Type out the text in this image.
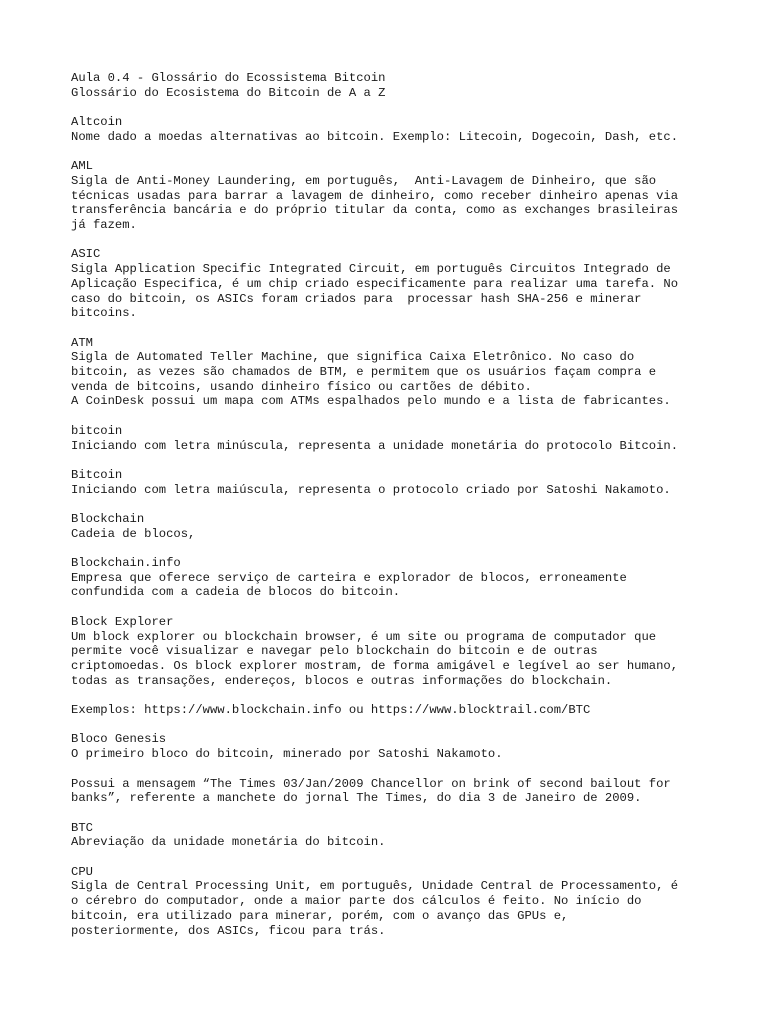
Aula 0.4 - Glossário do Ecossistema Bitcoin
Glossário do Ecosistema do Bitcoin de A a Z
Altcoin
Nome dado a moedas alternativas ao bitcoin. Exemplo: Litecoin, Dogecoin, Dash, etc.
AML
Sigla de Anti-Money Laundering, em português,  Anti-Lavagem de Dinheiro, que são
técnicas usadas para barrar a lavagem de dinheiro, como receber dinheiro apenas via
transferência bancária e do próprio titular da conta, como as exchanges brasileiras
já fazem.
ASIC
Sigla Application Specific Integrated Circuit, em português Circuitos Integrado de
Aplicação Especifica, é um chip criado especificamente para realizar uma tarefa. No
caso do bitcoin, os ASICs foram criados para  processar hash SHA-256 e minerar
bitcoins.
ATM
Sigla de Automated Teller Machine, que significa Caixa Eletrônico. No caso do
bitcoin, as vezes são chamados de BTM, e permitem que os usuários façam compra e
venda de bitcoins, usando dinheiro físico ou cartões de débito.
A CoinDesk possui um mapa com ATMs espalhados pelo mundo e a lista de fabricantes.
bitcoin
Iniciando com letra minúscula, representa a unidade monetária do protocolo Bitcoin.
Bitcoin
Iniciando com letra maiúscula, representa o protocolo criado por Satoshi Nakamoto.
Blockchain
Cadeia de blocos,
Blockchain.info
Empresa que oferece serviço de carteira e explorador de blocos, erroneamente
confundida com a cadeia de blocos do bitcoin.
Block Explorer
Um block explorer ou blockchain browser, é um site ou programa de computador que
permite você visualizar e navegar pelo blockchain do bitcoin e de outras
criptomoedas. Os block explorer mostram, de forma amigável e legível ao ser humano,
todas as transações, endereços, blocos e outras informações do blockchain.
Exemplos: https://www.blockchain.info ou https://www.blocktrail.com/BTC
Bloco Genesis
O primeiro bloco do bitcoin, minerado por Satoshi Nakamoto.
Possui a mensagem “The Times 03/Jan/2009 Chancellor on brink of second bailout for
banks”, referente a manchete do jornal The Times, do dia 3 de Janeiro de 2009.
BTC
Abreviação da unidade monetária do bitcoin.
CPU
Sigla de Central Processing Unit, em português, Unidade Central de Processamento, é
o cérebro do computador, onde a maior parte dos cálculos é feito. No início do
bitcoin, era utilizado para minerar, porém, com o avanço das GPUs e,
posteriormente, dos ASICs, ficou para trás.
